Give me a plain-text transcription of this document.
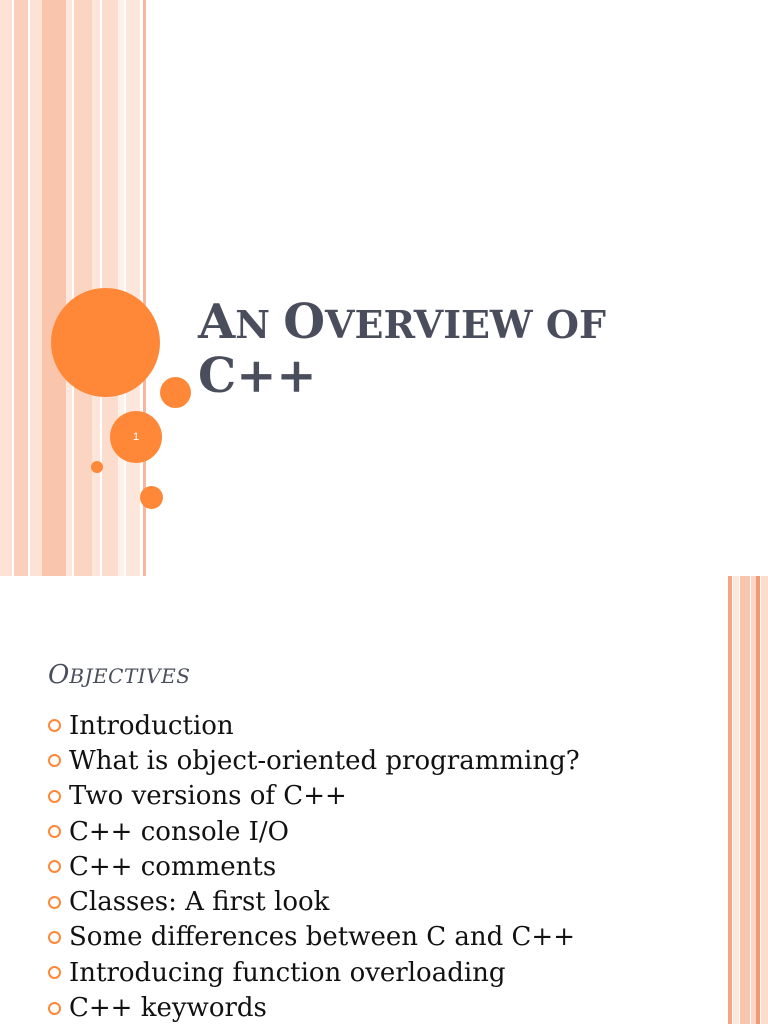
1
AN OVERVIEW OF
C++
OBJECTIVES
Introduction
What is object-oriented programming?
Two versions of C++
C++ console I/O
C++ comments
Classes: A first look
Some differences between C and C++
Introducing function overloading
C++ keywords
